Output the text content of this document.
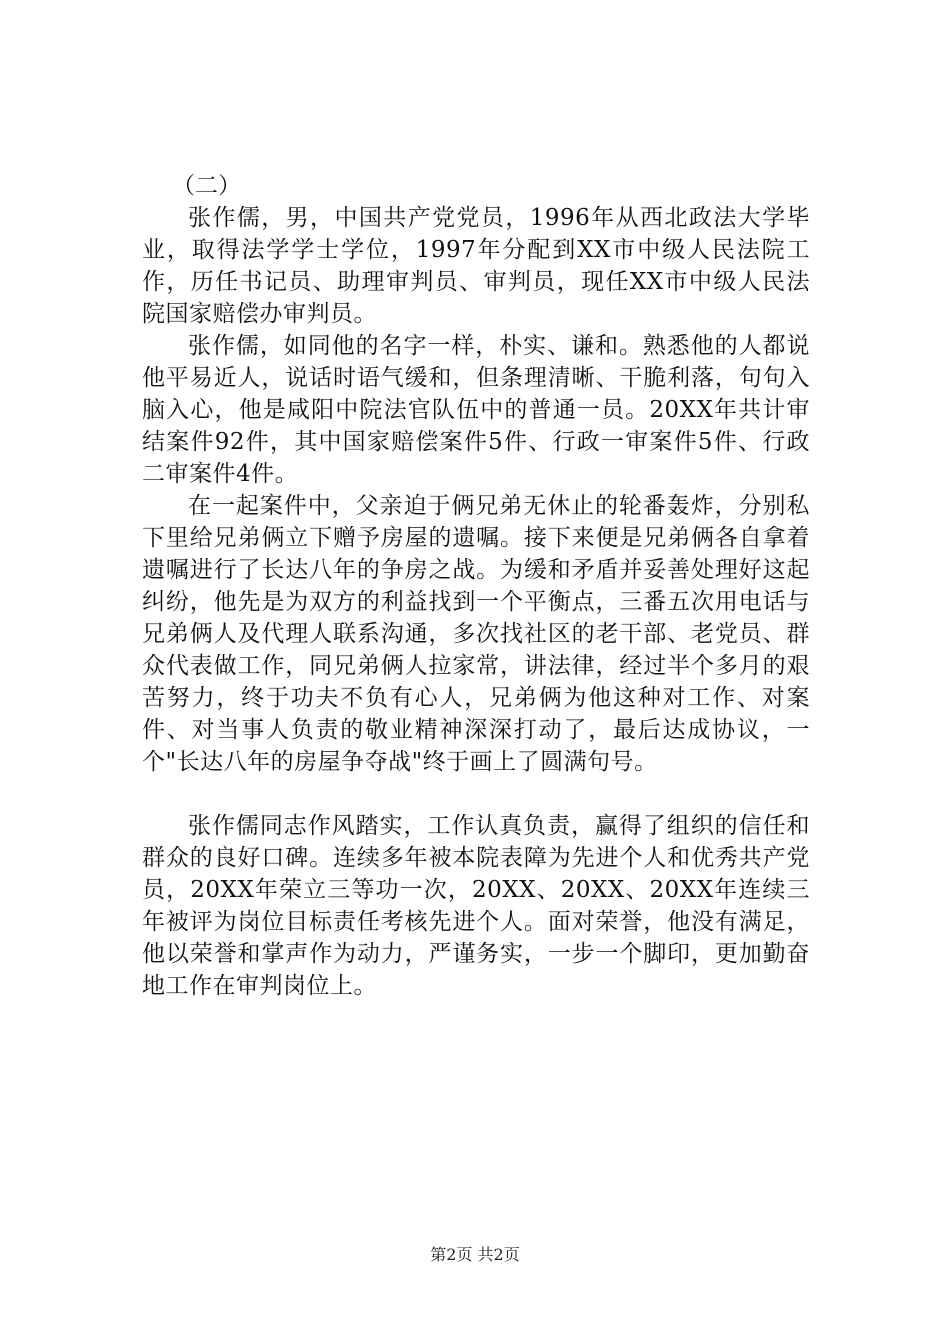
（二）

张作儒，男，中国共产党党员，1996年从西北政法大学毕业，取得法学学士学位，1997年分配到XX市中级人民法院工作，历任书记员、助理审判员、审判员，现任XX市中级人民法院国家赔偿办审判员。

张作儒，如同他的名字一样，朴实、谦和。熟悉他的人都说他平易近人，说话时语气缓和，但条理清晰、干脆利落，句句入脑入心，他是咸阳中院法官队伍中的普通一员。20XX年共计审结案件92件，其中国家赔偿案件5件、行政一审案件5件、行政二审案件4件。

在一起案件中，父亲迫于俩兄弟无休止的轮番轰炸，分别私下里给兄弟俩立下赠予房屋的遗嘱。接下来便是兄弟俩各自拿着遗嘱进行了长达八年的争房之战。为缓和矛盾并妥善处理好这起纠纷，他先是为双方的利益找到一个平衡点，三番五次用电话与兄弟俩人及代理人联系沟通，多次找社区的老干部、老党员、群众代表做工作，同兄弟俩人拉家常，讲法律，经过半个多月的艰苦努力，终于功夫不负有心人，兄弟俩为他这种对工作、对案件、对当事人负责的敬业精神深深打动了，最后达成协议，一个"长达八年的房屋争夺战"终于画上了圆满句号。

张作儒同志作风踏实，工作认真负责，赢得了组织的信任和群众的良好口碑。连续多年被本院表障为先进个人和优秀共产党员，20XX年荣立三等功一次，20XX、20XX、20XX年连续三年被评为岗位目标责任考核先进个人。面对荣誉，他没有满足，他以荣誉和掌声作为动力，严谨务实，一步一个脚印，更加勤奋地工作在审判岗位上。

第2页 共2页
